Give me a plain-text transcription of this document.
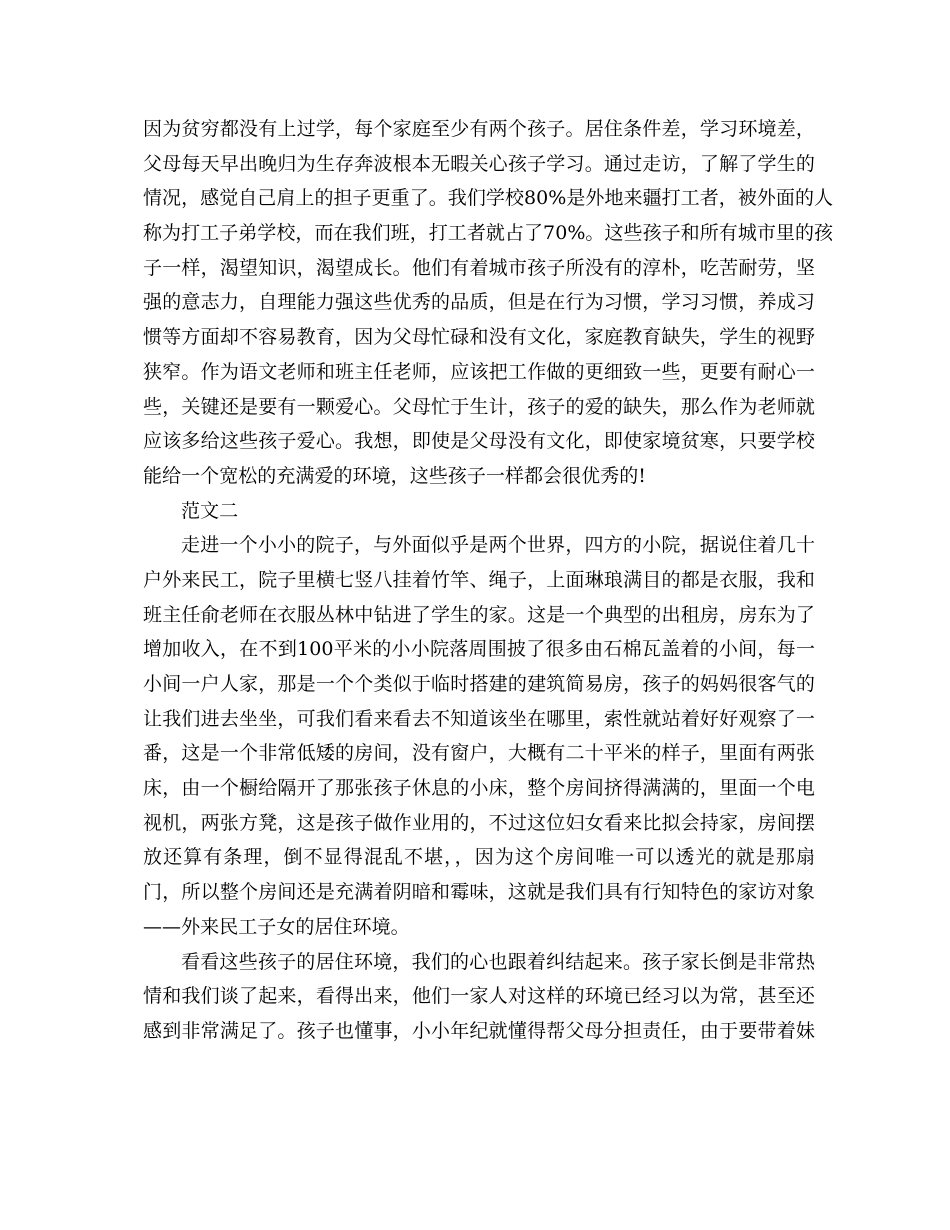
因为贫穷都没有上过学，每个家庭至少有两个孩子。居住条件差，学习环境差，
父母每天早出晚归为生存奔波根本无暇关心孩子学习。通过走访，了解了学生的
情况，感觉自己肩上的担子更重了。我们学校80%是外地来疆打工者，被外面的人
称为打工子弟学校，而在我们班，打工者就占了70%。这些孩子和所有城市里的孩
子一样，渴望知识，渴望成长。他们有着城市孩子所没有的淳朴，吃苦耐劳，坚
强的意志力，自理能力强这些优秀的品质，但是在行为习惯，学习习惯，养成习
惯等方面却不容易教育，因为父母忙碌和没有文化，家庭教育缺失，学生的视野
狭窄。作为语文老师和班主任老师，应该把工作做的更细致一些，更要有耐心一
些，关键还是要有一颗爱心。父母忙于生计，孩子的爱的缺失，那么作为老师就
应该多给这些孩子爱心。我想，即使是父母没有文化，即使家境贫寒，只要学校
能给一个宽松的充满爱的环境，这些孩子一样都会很优秀的!
范文二
走进一个小小的院子，与外面似乎是两个世界，四方的小院，据说住着几十
户外来民工，院子里横七竖八挂着竹竿、绳子，上面琳琅满目的都是衣服，我和
班主任俞老师在衣服丛林中钻进了学生的家。这是一个典型的出租房，房东为了
增加收入，在不到100平米的小小院落周围披了很多由石棉瓦盖着的小间，每一
小间一户人家，那是一个个类似于临时搭建的建筑简易房，孩子的妈妈很客气的
让我们进去坐坐，可我们看来看去不知道该坐在哪里，索性就站着好好观察了一
番，这是一个非常低矮的房间，没有窗户，大概有二十平米的样子，里面有两张
床，由一个橱给隔开了那张孩子休息的小床，整个房间挤得满满的，里面一个电
视机，两张方凳，这是孩子做作业用的，不过这位妇女看来比拟会持家，房间摆
放还算有条理，倒不显得混乱不堪，，因为这个房间唯一可以透光的就是那扇
门，所以整个房间还是充满着阴暗和霉味，这就是我们具有行知特色的家访对象
——外来民工子女的居住环境。
看看这些孩子的居住环境，我们的心也跟着纠结起来。孩子家长倒是非常热
情和我们谈了起来，看得出来，他们一家人对这样的环境已经习以为常，甚至还
感到非常满足了。孩子也懂事，小小年纪就懂得帮父母分担责任，由于要带着妹
